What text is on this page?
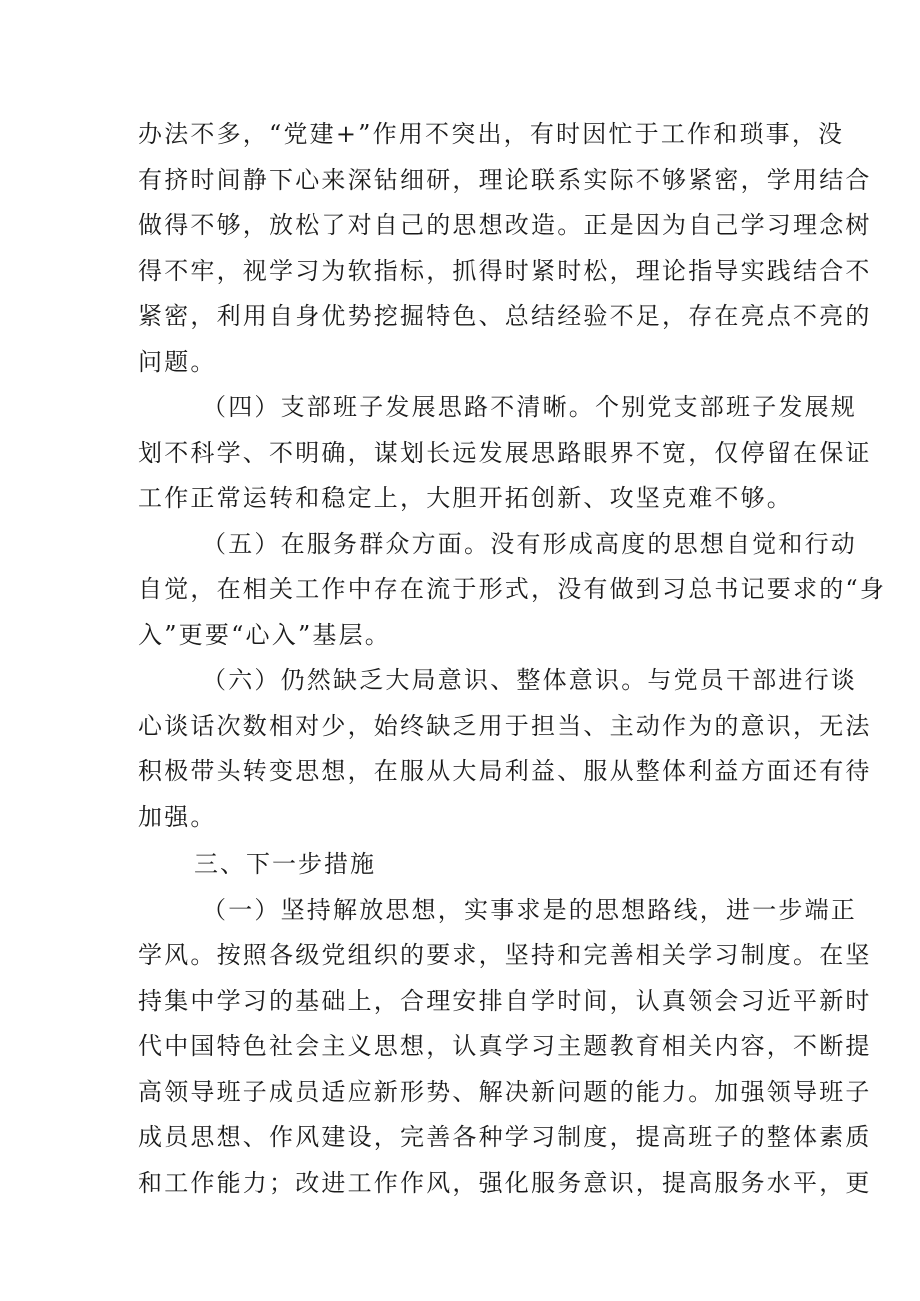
办法不多，“党建+”作用不突出，有时因忙于工作和琐事，没
有挤时间静下心来深钻细研，理论联系实际不够紧密，学用结合
做得不够，放松了对自己的思想改造。正是因为自己学习理念树
得不牢，视学习为软指标，抓得时紧时松，理论指导实践结合不
紧密，利用自身优势挖掘特色、总结经验不足，存在亮点不亮的
问题。
（四）支部班子发展思路不清晰。个别党支部班子发展规
划不科学、不明确，谋划长远发展思路眼界不宽，仅停留在保证
工作正常运转和稳定上，大胆开拓创新、攻坚克难不够。
（五）在服务群众方面。没有形成高度的思想自觉和行动
自觉，在相关工作中存在流于形式，没有做到习总书记要求的“身
入”更要“心入”基层。
（六）仍然缺乏大局意识、整体意识。与党员干部进行谈
心谈话次数相对少，始终缺乏用于担当、主动作为的意识，无法
积极带头转变思想，在服从大局利益、服从整体利益方面还有待
加强。
三、下一步措施
（一）坚持解放思想，实事求是的思想路线，进一步端正
学风。按照各级党组织的要求，坚持和完善相关学习制度。在坚
持集中学习的基础上，合理安排自学时间，认真领会习近平新时
代中国特色社会主义思想，认真学习主题教育相关内容，不断提
高领导班子成员适应新形势、解决新问题的能力。加强领导班子
成员思想、作风建设，完善各种学习制度，提高班子的整体素质
和工作能力；改进工作作风，强化服务意识，提高服务水平，更
